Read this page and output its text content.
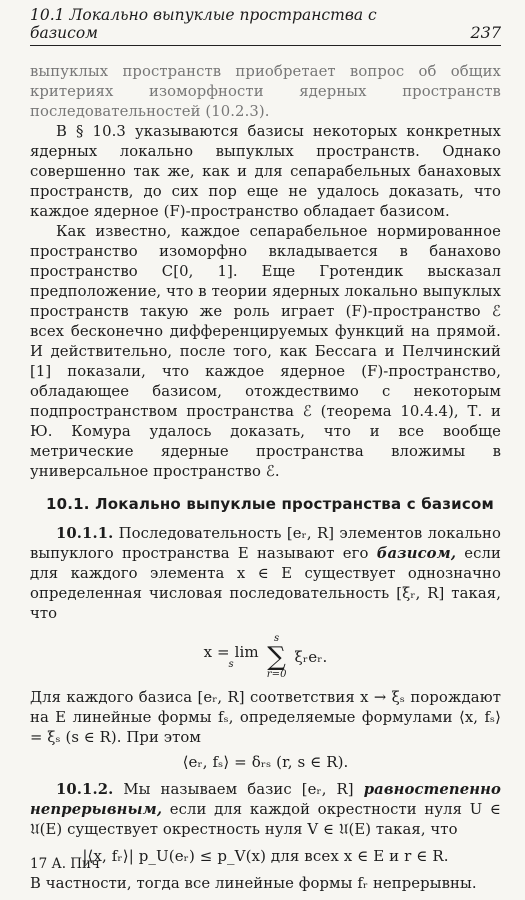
10.1 Локально выпуклые пространства с базисом	237

выпуклых пространств приобретает вопрос об общих критериях изоморфности ядерных пространств последовательностей (10.2.3).

В § 10.3 указываются базисы некоторых конкретных ядерных локально выпуклых пространств. Однако совершенно так же, как и для сепарабельных банаховых пространств, до сих пор еще не удалось доказать, что каждое ядерное (F)-пространство обладает базисом.

Как известно, каждое сепарабельное нормированное пространство изоморфно вкладывается в банахово пространство C[0, 1]. Еще Гротендик высказал предположение, что в теории ядерных локально выпуклых пространств такую же роль играет (F)-пространство ℰ всех бесконечно дифференцируемых функций на прямой. И действительно, после того, как Бессага и Пелчинский [1] показали, что каждое ядерное (F)-пространство, обладающее базисом, отождествимо с некоторым подпространством пространства ℰ (теорема 10.4.4), Т. и Ю. Комура удалось доказать, что и все вообще метрические ядерные пространства вложимы в универсальное пространство ℰ.

10.1. Локально выпуклые пространства с базисом

10.1.1. Последовательность [eᵣ, R] элементов локально выпуклого пространства E называют его базисом, если для каждого элемента x ∈ E существует однозначно определенная числовая последовательность [ξᵣ, R] такая, что

x = lim
s
s
∑
r=0
ξᵣeᵣ.

Для каждого базиса [eᵣ, R] соответствия x → ξₛ порождают на E линейные формы fₛ, определяемые формулами ⟨x, fₛ⟩ = ξₛ (s ∈ R). При этом

⟨eᵣ, fₛ⟩ = δᵣₛ (r, s ∈ R).

10.1.2. Мы называем базис [eᵣ, R] равностепенно непрерывным, если для каждой окрестности нуля U ∈ 𝔘(E) существует окрестность нуля V ∈ 𝔘(E) такая, что

|⟨x, fᵣ⟩| p_U(eᵣ) ≤ p_V(x) для всех x ∈ E и r ∈ R.

В частности, тогда все линейные формы fᵣ непрерывны.

17 А. Пич
